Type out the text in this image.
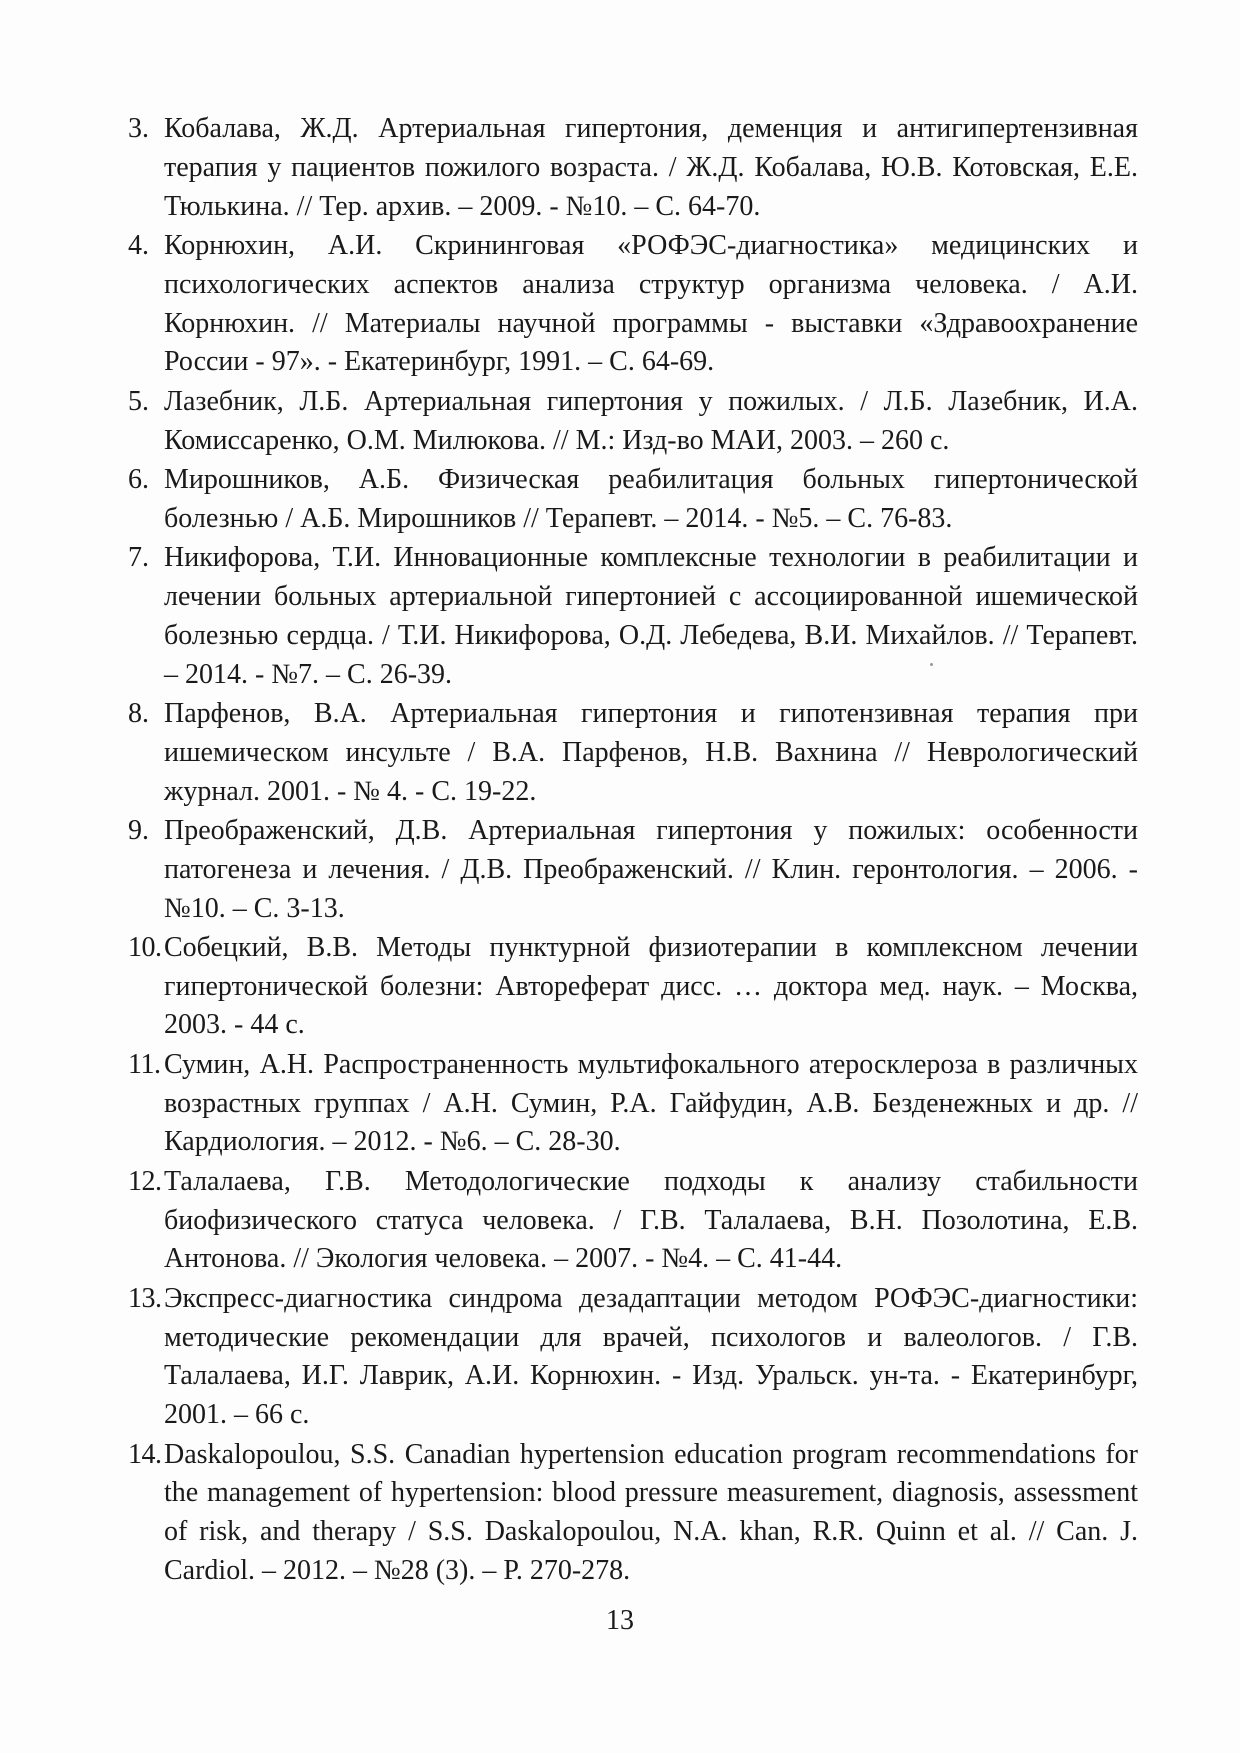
3. Кобалава, Ж.Д. Артериальная гипертония, деменция и антигипертензивная терапия у пациентов пожилого возраста. / Ж.Д. Кобалава, Ю.В. Котовская, Е.Е. Тюлькина. // Тер. архив. – 2009. - №10. – С. 64-70.
4. Корнюхин, А.И. Скрининговая «РОФЭС-диагностика» медицинских и психологических аспектов анализа структур организма человека. / А.И. Корнюхин. // Материалы научной программы - выставки «Здравоохранение России - 97». - Екатеринбург, 1991. – С. 64-69.
5. Лазебник, Л.Б. Артериальная гипертония у пожилых. / Л.Б. Лазебник, И.А. Комиссаренко, О.М. Милюкова. // М.: Изд-во МАИ, 2003. – 260 с.
6. Мирошников, А.Б. Физическая реабилитация больных гипертонической болезнью / А.Б. Мирошников // Терапевт. – 2014. - №5. – С. 76-83.
7. Никифорова, Т.И. Инновационные комплексные технологии в реабилитации и лечении больных артериальной гипертонией с ассоциированной ишемической болезнью сердца. / Т.И. Никифорова, О.Д. Лебедева, В.И. Михайлов. // Терапевт. – 2014. - №7. – С. 26-39.
8. Парфенов, В.А. Артериальная гипертония и гипотензивная терапия при ишемическом инсульте / В.А. Парфенов, Н.В. Вахнина // Неврологический журнал. 2001. - № 4. - С. 19-22.
9. Преображенский, Д.В. Артериальная гипертония у пожилых: особенности патогенеза и лечения. / Д.В. Преображенский. // Клин. геронтология. – 2006. - №10. – С. 3-13.
10. Собецкий, В.В. Методы пунктурной физиотерапии в комплексном лечении гипертонической болезни: Автореферат дисс. … доктора мед. наук. – Москва, 2003. - 44 с.
11. Сумин, А.Н. Распространенность мультифокального атеросклероза в различных возрастных группах / А.Н. Сумин, Р.А. Гайфудин, А.В. Безденежных и др. // Кардиология. – 2012. - №6. – С. 28-30.
12. Талалаева, Г.В. Методологические подходы к анализу стабильности биофизического статуса человека. / Г.В. Талалаева, В.Н. Позолотина, Е.В. Антонова. // Экология человека. – 2007. - №4. – С. 41-44.
13. Экспресс-диагностика синдрома дезадаптации методом РОФЭС-диагностики: методические рекомендации для врачей, психологов и валеологов. / Г.В. Талалаева, И.Г. Лаврик, А.И. Корнюхин. - Изд. Уральск. ун-та. - Екатеринбург, 2001. – 66 с.
14. Daskalopoulou, S.S. Canadian hypertension education program recommendations for the management of hypertension: blood pressure measurement, diagnosis, assessment of risk, and therapy / S.S. Daskalopoulou, N.A. khan, R.R. Quinn et al. // Can. J. Cardiol. – 2012. – №28 (3). – P. 270-278.
13
